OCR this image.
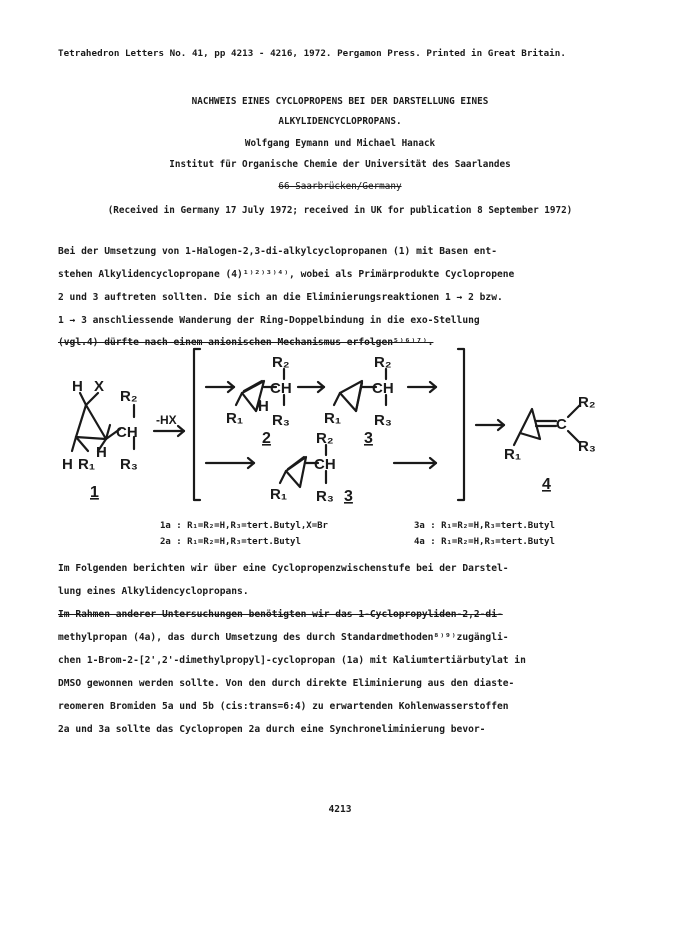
Tetrahedron Letters No. 41, pp 4213 - 4216, 1972. Pergamon Press. Printed in Great Britain.
NACHWEIS EINES CYCLOPROPENS BEI DER DARSTELLUNG EINES
ALKYLIDENCYCLOPROPANS.
Wolfgang Eymann und Michael Hanack
Institut für Organische Chemie der Universität des Saarlandes
66 Saarbrücken/Germany
(Received in Germany 17 July 1972; received in UK for publication 8 September 1972)
Bei der Umsetzung von 1-Halogen-2,3-di-alkylcyclopropanen (1) mit Basen ent-
stehen Alkylidencyclopropane (4)¹⁾²⁾³⁾⁴⁾, wobei als Primärprodukte Cyclopropene
2 und 3 auftreten sollten. Die sich an die Eliminierungsreaktionen 1 → 2 bzw.
1 → 3 anschliessende Wanderung der Ring-Doppelbindung in die exo-Stellung
(vgl.4) dürfte nach einem anionischen Mechanismus erfolgen⁵⁾⁶⁾⁷⁾.
H X
R₂
CH
H
H R₁ R₃
-HX
R₂
CH
H
R₁ R₃
R₂
CH
R₁ R₃
R₂
CH
R₁ R₃
R₂
C
R₃
R₁
1
2	3
3
4
1a : R₁=R₂=H,R₃=tert.Butyl,X=Br
2a : R₁=R₂=H,R₃=tert.Butyl
3a : R₁=R₂=H,R₃=tert.Butyl
4a : R₁=R₂=H,R₃=tert.Butyl
Im Folgenden berichten wir über eine Cyclopropenzwischenstufe bei der Darstel-
lung eines Alkylidencyclopropans.
Im Rahmen anderer Untersuchungen benötigten wir das 1-Cyclopropyliden-2,2-di-
methylpropan (4a), das durch Umsetzung des durch Standardmethoden⁸⁾⁹⁾zugängli-
chen 1-Brom-2-[2',2'-dimethylpropyl]-cyclopropan (1a) mit Kaliumtertiärbutylat in
DMSO gewonnen werden sollte. Von den durch direkte Eliminierung aus den diaste-
reomeren Bromiden 5a und 5b (cis:trans=6:4) zu erwartenden Kohlenwasserstoffen
2a und 3a sollte das Cyclopropen 2a durch eine Synchroneliminierung bevor-
4213
